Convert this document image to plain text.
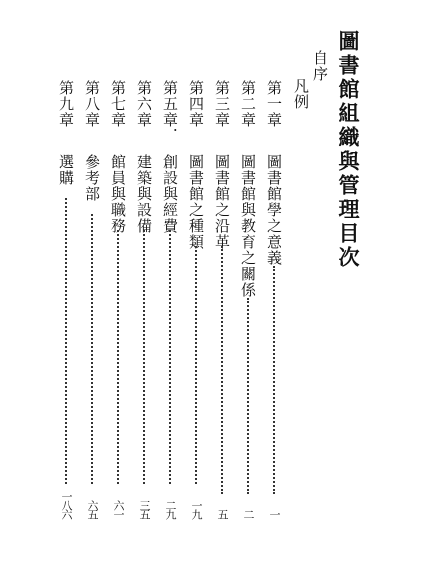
圖書館組織與管理目次
自序
凡例
第一章
圖書館學之意義
一
第二章
圖書館與教育之關係
二
第三章
圖書館之沿革
五
第四章
圖書館之種類
一九
第五章．
創設與經費
二九
第六章
建築與設備
三五
第七章
館員與職務
六一
第八章
參考部
六五
第九章
選購
一八六
